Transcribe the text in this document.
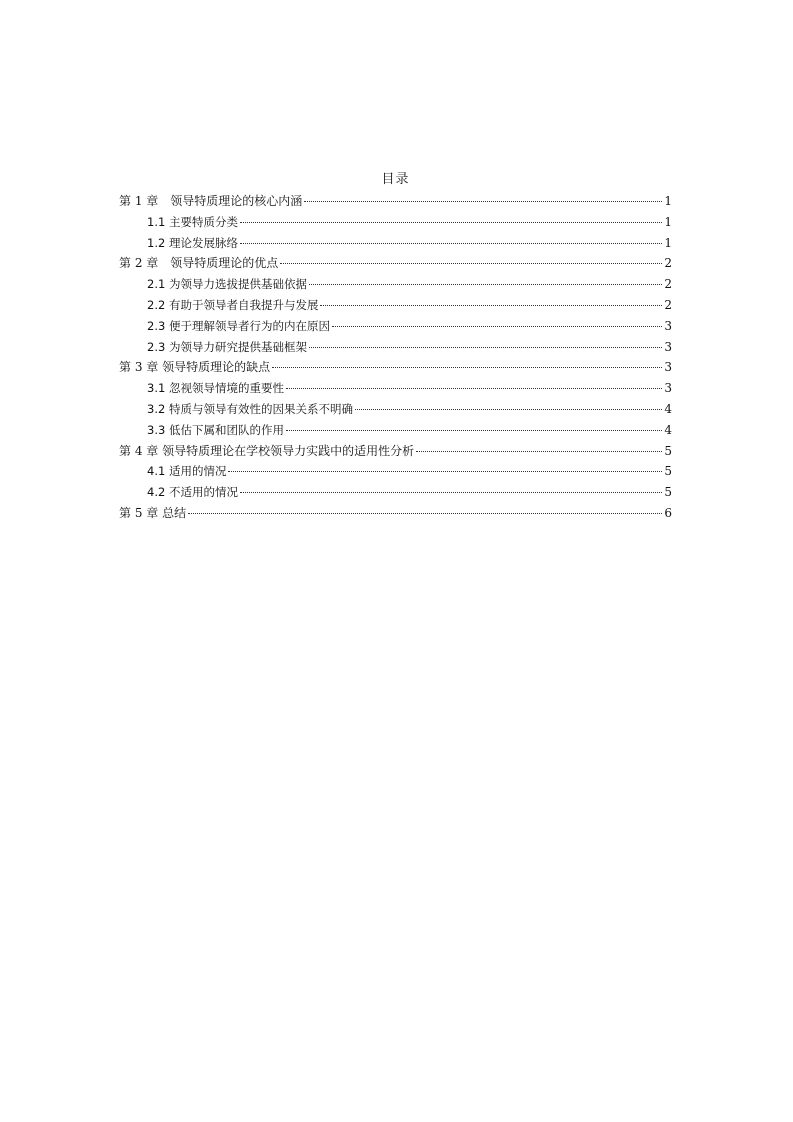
目录
第 1 章　领导特质理论的核心内涵	1
1.1 主要特质分类	1
1.2 理论发展脉络	1
第 2 章　领导特质理论的优点	2
2.1 为领导力选拔提供基础依据	2
2.2 有助于领导者自我提升与发展	2
2.3 便于理解领导者行为的内在原因	3
2.3 为领导力研究提供基础框架	3
第 3 章 领导特质理论的缺点	3
3.1 忽视领导情境的重要性	3
3.2 特质与领导有效性的因果关系不明确	4
3.3 低估下属和团队的作用	4
第 4 章 领导特质理论在学校领导力实践中的适用性分析	5
4.1 适用的情况	5
4.2 不适用的情况	5
第 5 章 总结	6
